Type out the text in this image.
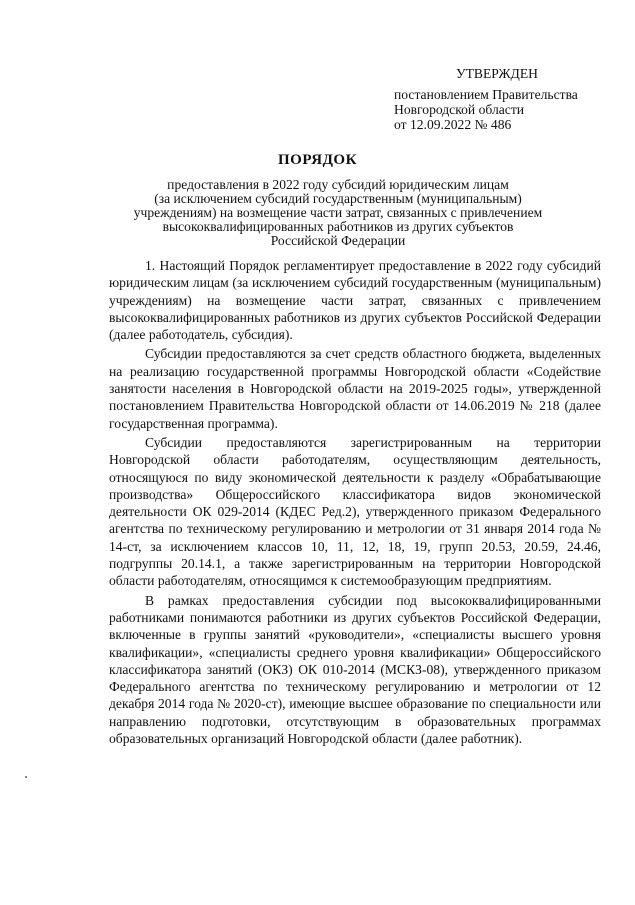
УТВЕРЖДЕН
постановлением Правительства
Новгородской области
от 12.09.2022 № 486
ПОРЯДОК
предоставления в 2022 году субсидий юридическим лицам
(за исключением субсидий государственным (муниципальным)
учреждениям) на возмещение части затрат, связанных с привлечением
высококвалифицированных работников из других субъектов
Российской Федерации

1. Настоящий Порядок регламентирует предоставление в 2022 году субсидий юридическим лицам (за исключением субсидий государственным (муниципальным) учреждениям) на возмещение части затрат, связанных с привлечением высококвалифицированных работников из других субъектов Российской Федерации (далее работодатель, субсидия).

Субсидии предоставляются за счет средств областного бюджета, выделенных на реализацию государственной программы Новгородской области «Содействие занятости населения в Новгородской области на 2019-2025 годы», утвержденной постановлением Правительства Новгородской области от 14.06.2019 № 218 (далее государственная программа).

Субсидии предоставляются зарегистрированным на территории Новгородской области работодателям, осуществляющим деятельность, относящуюся по виду экономической деятельности к разделу «Обрабатывающие производства» Общероссийского классификатора видов экономической деятельности ОК 029-2014 (КДЕС Ред.2), утвержденного приказом Федерального агентства по техническому регулированию и метрологии от 31 января 2014 года № 14-ст, за исключением классов 10, 11, 12, 18, 19, групп 20.53, 20.59, 24.46, подгруппы 20.14.1, а также зарегистрированным на территории Новгородской области работодателям, относящимся к системообразующим предприятиям.

В рамках предоставления субсидии под высококвалифицированными работниками понимаются работники из других субъектов Российской Федерации, включенные в группы занятий «руководители», «специалисты высшего уровня квалификации», «специалисты среднего уровня квалификации» Общероссийского классификатора занятий (ОКЗ) ОК 010-2014 (МСКЗ-08), утвержденного приказом Федерального агентства по техническому регулированию и метрологии от 12 декабря 2014 года № 2020-ст), имеющие высшее образование по специальности или направлению подготовки, отсутствующим в образовательных программах образовательных организаций Новгородской области (далее работник).
